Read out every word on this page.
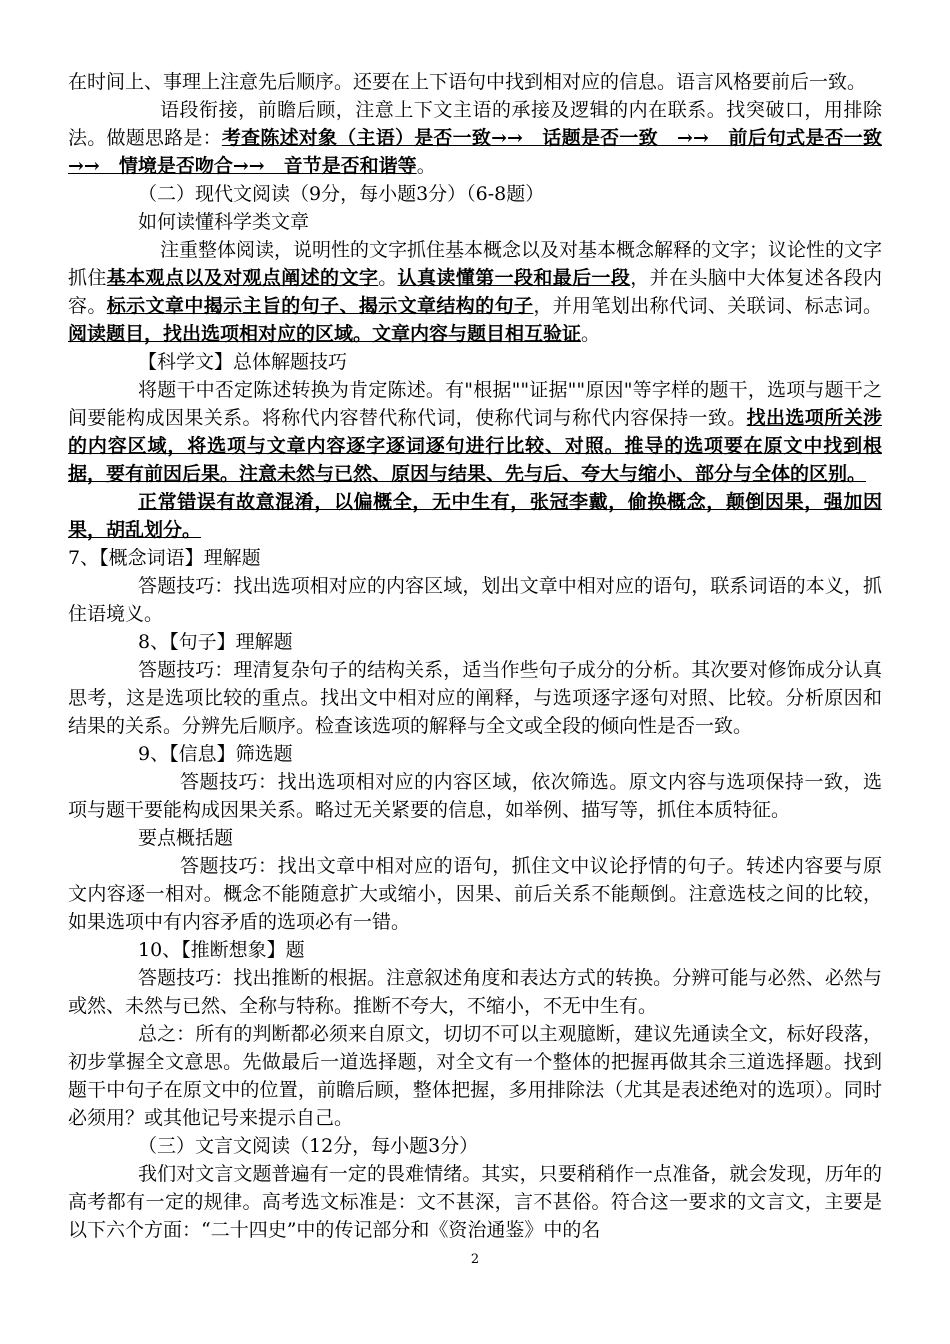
在时间上、事理上注意先后顺序。还要在上下语句中找到相对应的信息。语言风格要前后一致。

语段衔接，前瞻后顾，注意上下文主语的承接及逻辑的内在联系。找突破口，用排除法。做题思路是：考查陈述对象（主语）是否一致→→　话题是否一致　→→　前后句式是否一致→→　情境是否吻合→→　音节是否和谐等。

（二）现代文阅读（9分，每小题3分）（6-8题）

如何读懂科学类文章

注重整体阅读，说明性的文字抓住基本概念以及对基本概念解释的文字；议论性的文字抓住基本观点以及对观点阐述的文字。认真读懂第一段和最后一段，并在头脑中大体复述各段内容。标示文章中揭示主旨的句子、揭示文章结构的句子，并用笔划出称代词、关联词、标志词。阅读题目，找出选项相对应的区域。文章内容与题目相互验证。

【科学文】总体解题技巧

将题干中否定陈述转换为肯定陈述。有"根据""证据""原因"等字样的题干，选项与题干之间要能构成因果关系。将称代内容替代称代词，使称代词与称代内容保持一致。找出选项所关涉的内容区域，将选项与文章内容逐字逐词逐句进行比较、对照。推导的选项要在原文中找到根据，要有前因后果。注意未然与已然、原因与结果、先与后、夸大与缩小、部分与全体的区别。

正常错误有故意混淆，以偏概全，无中生有，张冠李戴，偷换概念，颠倒因果，强加因果，胡乱划分。

7、【概念词语】理解题

答题技巧：找出选项相对应的内容区域，划出文章中相对应的语句，联系词语的本义，抓住语境义。

8、【句子】理解题

答题技巧：理清复杂句子的结构关系，适当作些句子成分的分析。其次要对修饰成分认真思考，这是选项比较的重点。找出文中相对应的阐释，与选项逐字逐句对照、比较。分析原因和结果的关系。分辨先后顺序。检查该选项的解释与全文或全段的倾向性是否一致。

9、【信息】筛选题

答题技巧：找出选项相对应的内容区域，依次筛选。原文内容与选项保持一致，选项与题干要能构成因果关系。略过无关紧要的信息，如举例、描写等，抓住本质特征。

要点概括题

答题技巧：找出文章中相对应的语句，抓住文中议论抒情的句子。转述内容要与原文内容逐一相对。概念不能随意扩大或缩小，因果、前后关系不能颠倒。注意选枝之间的比较，如果选项中有内容矛盾的选项必有一错。

10、【推断想象】题

答题技巧：找出推断的根据。注意叙述角度和表达方式的转换。分辨可能与必然、必然与或然、未然与已然、全称与特称。推断不夸大，不缩小，不无中生有。

总之：所有的判断都必须来自原文，切切不可以主观臆断，建议先通读全文，标好段落，初步掌握全文意思。先做最后一道选择题，对全文有一个整体的把握再做其余三道选择题。找到题干中句子在原文中的位置，前瞻后顾，整体把握，多用排除法（尤其是表述绝对的选项）。同时必须用？或其他记号来提示自己。

（三）文言文阅读（12分，每小题3分）

我们对文言文题普遍有一定的畏难情绪。其实，只要稍稍作一点准备，就会发现，历年的高考都有一定的规律。高考选文标准是：文不甚深，言不甚俗。符合这一要求的文言文，主要是以下六个方面：“二十四史”中的传记部分和《资治通鉴》中的名

2
